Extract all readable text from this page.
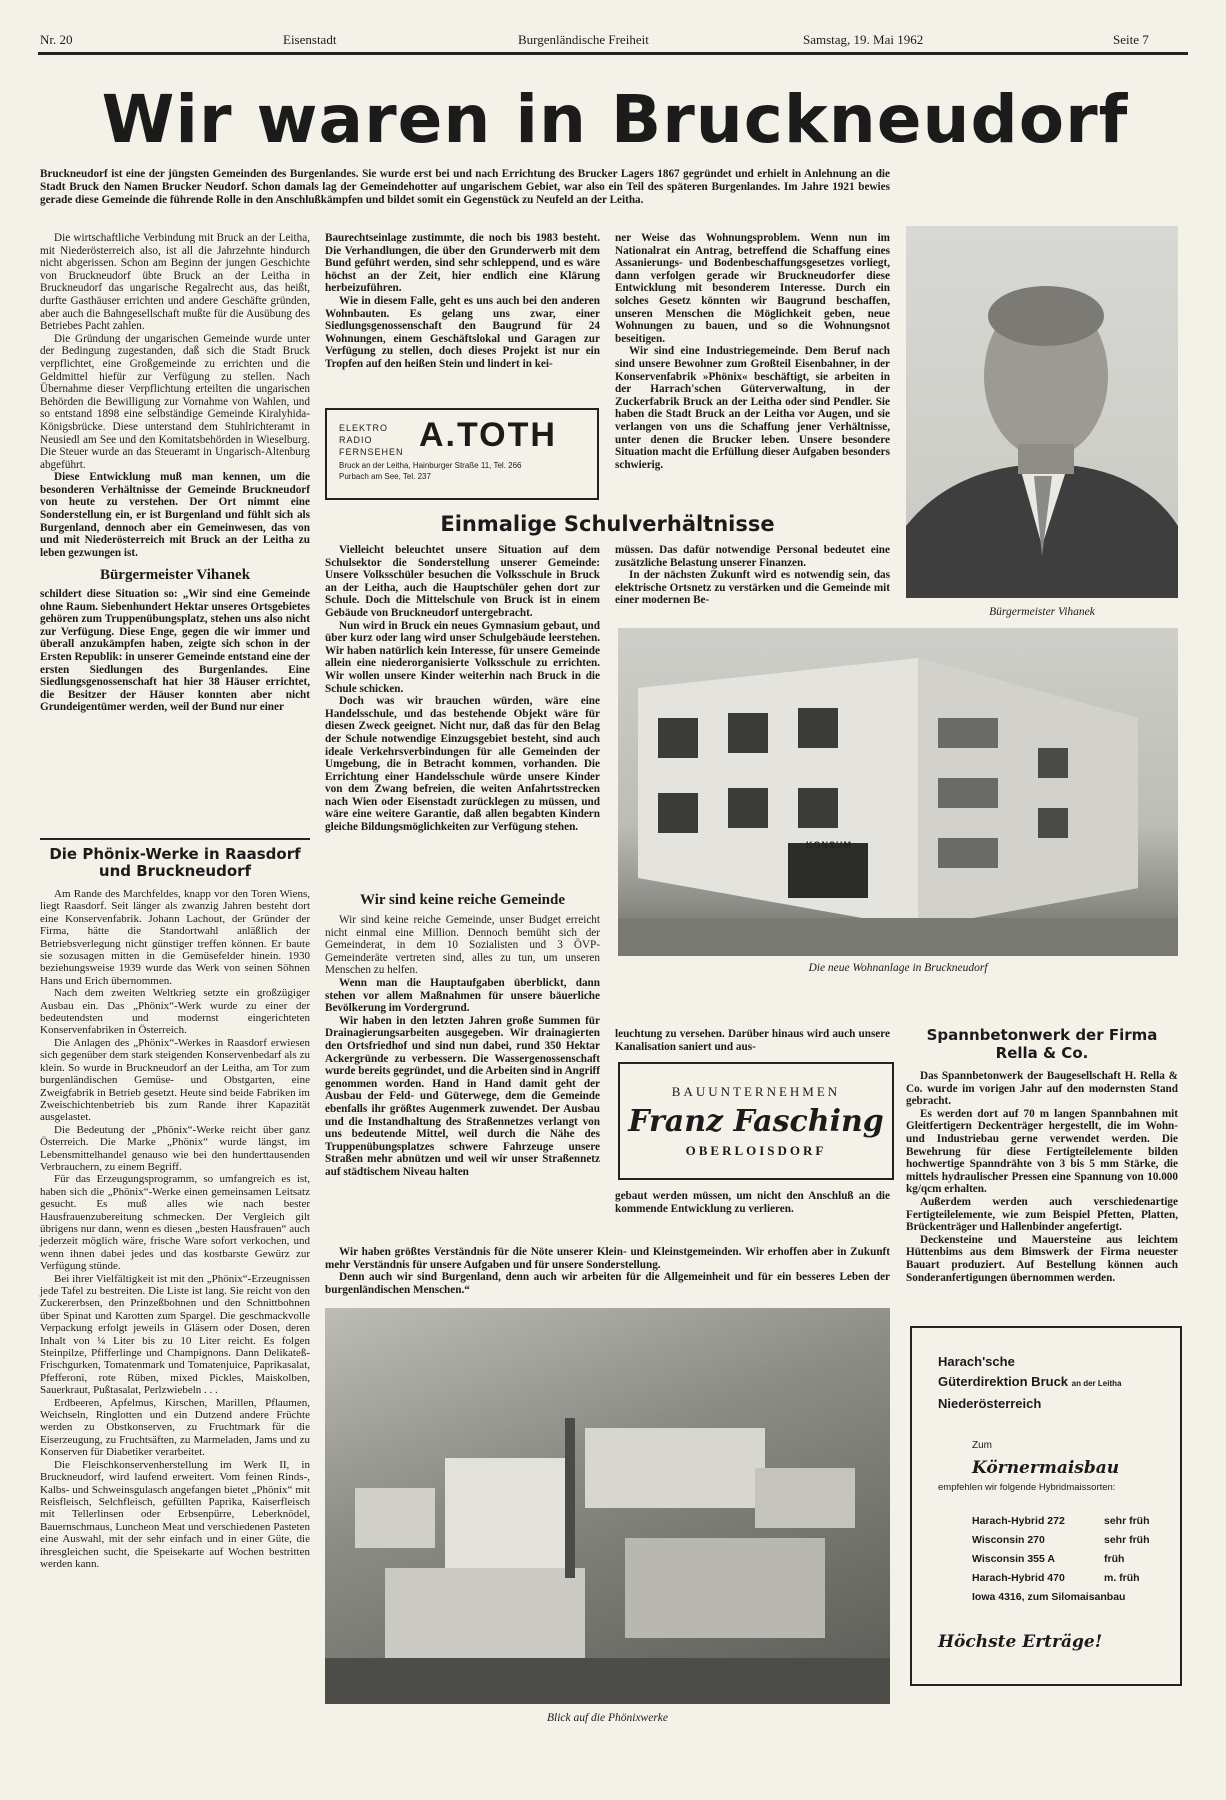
Nr. 20	Eisenstadt	Burgenländische Freiheit	Samstag, 19. Mai 1962	Seite 7
Wir waren in Bruckneudorf
Bruckneudorf ist eine der jüngsten Gemeinden des Burgenlandes. Sie wurde erst bei und nach Errichtung des Brucker Lagers 1867 gegründet und erhielt in Anlehnung an die Stadt Bruck den Namen Brucker Neudorf. Schon damals lag der Gemeindehotter auf ungarischem Gebiet, war also ein Teil des späteren Burgenlandes. Im Jahre 1921 bewies gerade diese Gemeinde die führende Rolle in den Anschlußkämpfen und bildet somit ein Gegenstück zu Neufeld an der Leitha.

Die wirtschaftliche Verbindung mit Bruck an der Leitha, mit Niederösterreich also, ist all die Jahrzehnte hindurch nicht abgerissen. Schon am Beginn der jungen Geschichte von Bruckneudorf übte Bruck an der Leitha in Bruckneudorf das ungarische Regalrecht aus, das heißt, durfte Gasthäuser errichten und andere Geschäfte gründen, aber auch die Bahngesellschaft mußte für die Ausübung des Betriebes Pacht zahlen.

Die Gründung der ungarischen Gemeinde wurde unter der Bedingung zugestanden, daß sich die Stadt Bruck verpflichtet, eine Großgemeinde zu errichten und die Geldmittel hiefür zur Verfügung zu stellen. Nach Übernahme dieser Verpflichtung erteilten die ungarischen Behörden die Bewilligung zur Vornahme von Wahlen, und so entstand 1898 eine selbständige Gemeinde Kiralyhida-Königsbrücke. Diese unterstand dem Stuhlrichteramt in Neusiedl am See und den Komitatsbehörden in Wieselburg. Die Steuer wurde an das Steueramt in Ungarisch-Altenburg abgeführt.

Diese Entwicklung muß man kennen, um die besonderen Verhältnisse der Gemeinde Bruckneudorf von heute zu verstehen. Der Ort nimmt eine Sonderstellung ein, er ist Burgenland und fühlt sich als Burgenland, dennoch aber ein Gemeinwesen, das von und mit Niederösterreich mit Bruck an der Leitha zu leben gezwungen ist.

Bürgermeister Vihanek

schildert diese Situation so: „Wir sind eine Gemeinde ohne Raum. Siebenhundert Hektar unseres Ortsgebietes gehören zum Truppenübungsplatz, stehen uns also nicht zur Verfügung. Diese Enge, gegen die wir immer und überall anzukämpfen haben, zeigte sich schon in der Ersten Republik: in unserer Gemeinde entstand eine der ersten Siedlungen des Burgenlandes. Eine Siedlungsgenossenschaft hat hier 38 Häuser errichtet, die Besitzer der Häuser konnten aber nicht Grundeigentümer werden, weil der Bund nur einer

Die Phönix-Werke in Raasdorf
und Bruckneudorf

Am Rande des Marchfeldes, knapp vor den Toren Wiens, liegt Raasdorf. Seit länger als zwanzig Jahren besteht dort eine Konservenfabrik. Johann Lachout, der Gründer der Firma, hätte die Standortwahl anläßlich der Betriebsverlegung nicht günstiger treffen können. Er baute sie sozusagen mitten in die Gemüsefelder hinein. 1930 beziehungsweise 1939 wurde das Werk von seinen Söhnen Hans und Erich übernommen.

Nach dem zweiten Weltkrieg setzte ein großzügiger Ausbau ein. Das „Phönix“-Werk wurde zu einer der bedeutendsten und modernst eingerichteten Konservenfabriken in Österreich.

Die Anlagen des „Phönix“-Werkes in Raasdorf erwiesen sich gegenüber dem stark steigenden Konservenbedarf als zu klein. So wurde in Bruckneudorf an der Leitha, am Tor zum burgenländischen Gemüse- und Obstgarten, eine Zweigfabrik in Betrieb gesetzt. Heute sind beide Fabriken im Zweischichtenbetrieb bis zum Rande ihrer Kapazität ausgelastet.

Die Bedeutung der „Phönix“-Werke reicht über ganz Österreich. Die Marke „Phönix“ wurde längst, im Lebensmittelhandel genauso wie bei den hunderttausenden Verbrauchern, zu einem Begriff.

Für das Erzeugungsprogramm, so umfangreich es ist, haben sich die „Phönix“-Werke einen gemeinsamen Leitsatz gesucht. Es muß alles wie nach bester Hausfrauenzubereitung schmecken. Der Vergleich gilt übrigens nur dann, wenn es diesen „besten Hausfrauen“ auch jederzeit möglich wäre, frische Ware sofort verkochen, und wenn ihnen dabei jedes und das kostbarste Gewürz zur Verfügung stünde.

Bei ihrer Vielfältigkeit ist mit den „Phönix“-Erzeugnissen jede Tafel zu bestreiten. Die Liste ist lang. Sie reicht von den Zuckererbsen, den Prinzeßbohnen und den Schnittbohnen über Spinat und Karotten zum Spargel. Die geschmackvolle Verpackung erfolgt jeweils in Gläsern oder Dosen, deren Inhalt von ¼ Liter bis zu 10 Liter reicht. Es folgen Steinpilze, Pfifferlinge und Champignons. Dann Delikateß-Frischgurken, Tomatenmark und Tomatenjuice, Paprikasalat, Pfefferoni, rote Rüben, mixed Pickles, Maiskolben, Sauerkraut, Pußtasalat, Perlzwiebeln . . .

Erdbeeren, Apfelmus, Kirschen, Marillen, Pflaumen, Weichseln, Ringlotten und ein Dutzend andere Früchte werden zu Obstkonserven, zu Fruchtmark für die Eiserzeugung, zu Fruchtsäften, zu Marmeladen, Jams und zu Konserven für Diabetiker verarbeitet.

Die Fleischkonservenherstellung im Werk II, in Bruckneudorf, wird laufend erweitert. Vom feinen Rinds-, Kalbs- und Schweinsgulasch angefangen bietet „Phönix“ mit Reisfleisch, Selchfleisch, gefüllten Paprika, Kaiserfleisch mit Tellerlinsen oder Erbsenpürre, Leberknödel, Bauernschmaus, Luncheon Meat und verschiedenen Pasteten eine Auswahl, mit der sehr einfach und in einer Güte, die ihresgleichen sucht, die Speisekarte auf Wochen bestritten werden kann.

Baurechtseinlage zustimmte, die noch bis 1983 besteht. Die Verhandlungen, die über den Grunderwerb mit dem Bund geführt werden, sind sehr schleppend, und es wäre höchst an der Zeit, hier endlich eine Klärung herbeizuführen.

Wie in diesem Falle, geht es uns auch bei den anderen Wohnbauten. Es gelang uns zwar, einer Siedlungsgenossenschaft den Baugrund für 24 Wohnungen, einem Geschäftslokal und Garagen zur Verfügung zu stellen, doch dieses Projekt ist nur ein Tropfen auf den heißen Stein und lindert in kei-

ELEKTRO
RADIO
FERNSEHEN A.TOTH
Bruck an der Leitha, Hainburger Straße 11, Tel. 266
Purbach am See, Tel. 237

ner Weise das Wohnungsproblem. Wenn nun im Nationalrat ein Antrag, betreffend die Schaffung eines Assanierungs- und Bodenbeschaffungsgesetzes vorliegt, dann verfolgen gerade wir Bruckneudorfer diese Entwicklung mit besonderem Interesse. Durch ein solches Gesetz könnten wir Baugrund beschaffen, unseren Menschen die Möglichkeit geben, neue Wohnungen zu bauen, und so die Wohnungsnot beseitigen.

Wir sind eine Industriegemeinde. Dem Beruf nach sind unsere Bewohner zum Großteil Eisenbahner, in der Konservenfabrik »Phönix« beschäftigt, sie arbeiten in der Harrach'schen Güterverwaltung, in der Zuckerfabrik Bruck an der Leitha oder sind Pendler. Sie haben die Stadt Bruck an der Leitha vor Augen, und sie verlangen von uns die Schaffung jener Verhältnisse, unter denen die Brucker leben. Unsere besondere Situation macht die Erfüllung dieser Aufgaben besonders schwierig.

Bürgermeister Vihanek
Einmalige Schulverhältnisse

Vielleicht beleuchtet unsere Situation auf dem Schulsektor die Sonderstellung unserer Gemeinde: Unsere Volksschüler besuchen die Volksschule in Bruck an der Leitha, auch die Hauptschüler gehen dort zur Schule. Doch die Mittelschule von Bruck ist in einem Gebäude von Bruckneudorf untergebracht.

Nun wird in Bruck ein neues Gymnasium gebaut, und über kurz oder lang wird unser Schulgebäude leerstehen. Wir haben natürlich kein Interesse, für unsere Gemeinde allein eine niederorganisierte Volksschule zu errichten. Wir wollen unsere Kinder weiterhin nach Bruck in die Schule schicken.

Doch was wir brauchen würden, wäre eine Handelsschule, und das bestehende Objekt wäre für diesen Zweck geeignet. Nicht nur, daß das für den Belag der Schule notwendige Einzugsgebiet besteht, sind auch ideale Verkehrsverbindungen für alle Gemeinden der Umgebung, die in Betracht kommen, vorhanden. Die Errichtung einer Handelsschule würde unsere Kinder von dem Zwang befreien, die weiten Anfahrtsstrecken nach Wien oder Eisenstadt zurücklegen zu müssen, und wäre eine weitere Garantie, daß allen begabten Kindern gleiche Bildungsmöglichkeiten zur Verfügung stehen.

müssen. Das dafür notwendige Personal bedeutet eine zusätzliche Belastung unserer Finanzen.

In der nächsten Zukunft wird es notwendig sein, das elektrische Ortsnetz zu verstärken und die Gemeinde mit einer modernen Be-

KONSUM
Die neue Wohnanlage in Bruckneudorf
Wir sind keine reiche Gemeinde

Wir sind keine reiche Gemeinde, unser Budget erreicht nicht einmal eine Million. Dennoch bemüht sich der Gemeinderat, in dem 10 Sozialisten und 3 ÖVP-Gemeinderäte vertreten sind, alles zu tun, um unseren Menschen zu helfen.

Wenn man die Hauptaufgaben überblickt, dann stehen vor allem Maßnahmen für unsere bäuerliche Bevölkerung im Vordergrund.

Wir haben in den letzten Jahren große Summen für Drainagierungsarbeiten ausgegeben. Wir drainagierten den Ortsfriedhof und sind nun dabei, rund 350 Hektar Ackergründe zu verbessern. Die Wassergenossenschaft wurde bereits gegründet, und die Arbeiten sind in Angriff genommen worden. Hand in Hand damit geht der Ausbau der Feld- und Güterwege, dem die Gemeinde ebenfalls ihr größtes Augenmerk zuwendet. Der Ausbau und die Instandhaltung des Straßennetzes verlangt von uns bedeutende Mittel, weil durch die Nähe des Truppenübungsplatzes schwere Fahrzeuge unsere Straßen mehr abnützen und weil wir unser Straßennetz auf städtischem Niveau halten

leuchtung zu versehen. Darüber hinaus wird auch unsere Kanalisation saniert und aus-
BAUUNTERNEHMEN
Franz Fasching
OBERLOISDORF
gebaut werden müssen, um nicht den Anschluß an die kommende Entwicklung zu verlieren.

Wir haben größtes Verständnis für die Nöte unserer Klein- und Kleinstgemeinden. Wir erhoffen aber in Zukunft mehr Verständnis für unsere Aufgaben und für unsere Sonderstellung.

Denn auch wir sind Burgenland, denn auch wir arbeiten für die Allgemeinheit und für ein besseres Leben der burgenländischen Menschen.“

Spannbetonwerk der Firma
Rella & Co.

Das Spannbetonwerk der Baugesellschaft H. Rella & Co. wurde im vorigen Jahr auf den modernsten Stand gebracht.

Es werden dort auf 70 m langen Spannbahnen mit Gleitfertigern Deckenträger hergestellt, die im Wohn- und Industriebau gerne verwendet werden. Die Bewehrung für diese Fertigteilelemente bilden hochwertige Spanndrähte von 3 bis 5 mm Stärke, die mittels hydraulischer Pressen eine Spannung von 10.000 kg/qcm erhalten.

Außerdem werden auch verschiedenartige Fertigteilelemente, wie zum Beispiel Pfetten, Platten, Brückenträger und Hallenbinder angefertigt.

Deckensteine und Mauersteine aus leichtem Hüttenbims aus dem Bimswerk der Firma neuester Bauart produziert. Auf Bestellung können auch Sonderanfertigungen übernommen werden.

Blick auf die Phönixwerke
Harach'sche
Güterdirektion Bruck an der Leitha
Niederösterreich
Zum
Körnermaisbau
empfehlen wir folgende Hybridmaissorten:
Harach-Hybrid 272	sehr früh
Wisconsin 270	sehr früh
Wisconsin 355 A	früh
Harach-Hybrid 470	m. früh
Iowa 4316, zum Silomaisanbau
Höchste Erträge!
